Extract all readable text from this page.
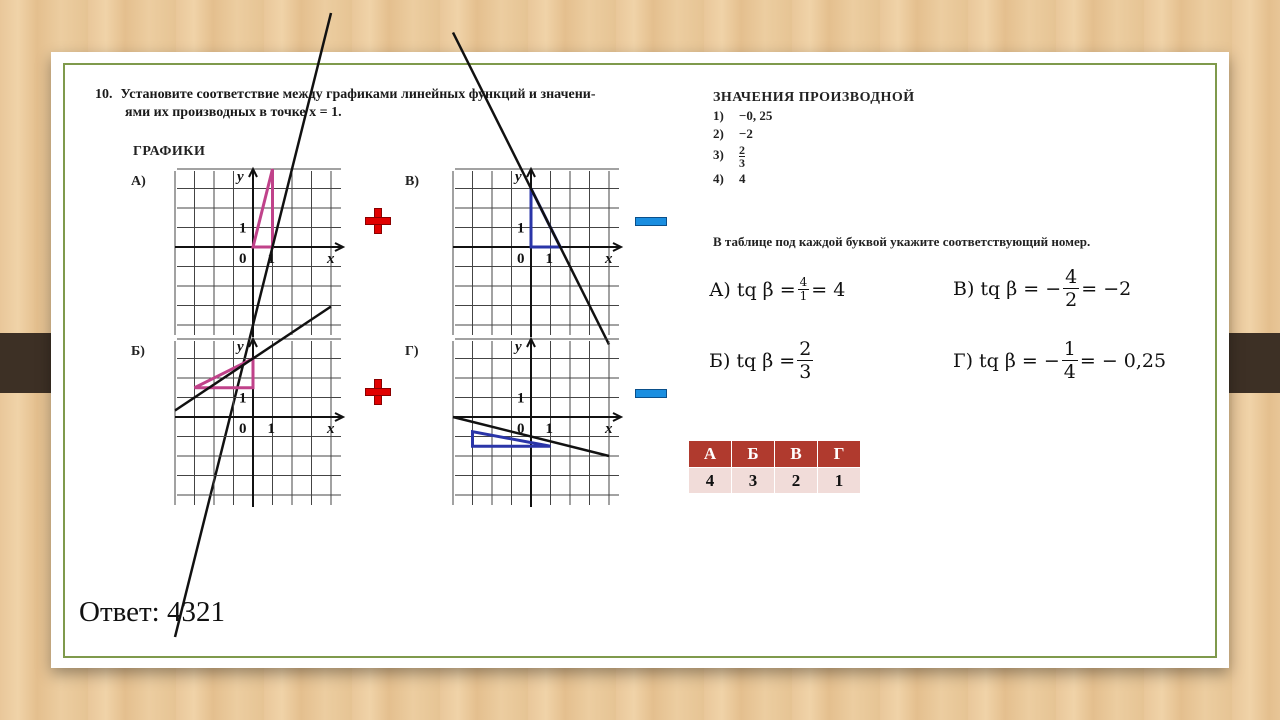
10. Установите соответствие между графиками линейных функций и значени-
ями их производных в точке x = 1.
ГРАФИКИ
А)
x
y
0 1
1
В)
x
y
0 1
1
Б)
x
y
0 1
1
Г)
x
y
0 1
1
ЗНАЧЕНИЯ ПРОИЗВОДНОЙ
1) −0, 25
2) −2
$3) \frac{2}{3}$
4) 4
В таблице под каждой буквой укажите соответствующий номер.
А) tq $\beta = \frac{4}{1} = 4$	В) tq β = − $\frac{4}{2} = -2$
Б) tq $\beta = \frac{2}{3}$	Г) tq β = − $\frac{1}{4}$ = − 0,25
А	Б	В	Г
4	3	2	1
Ответ: 4321
